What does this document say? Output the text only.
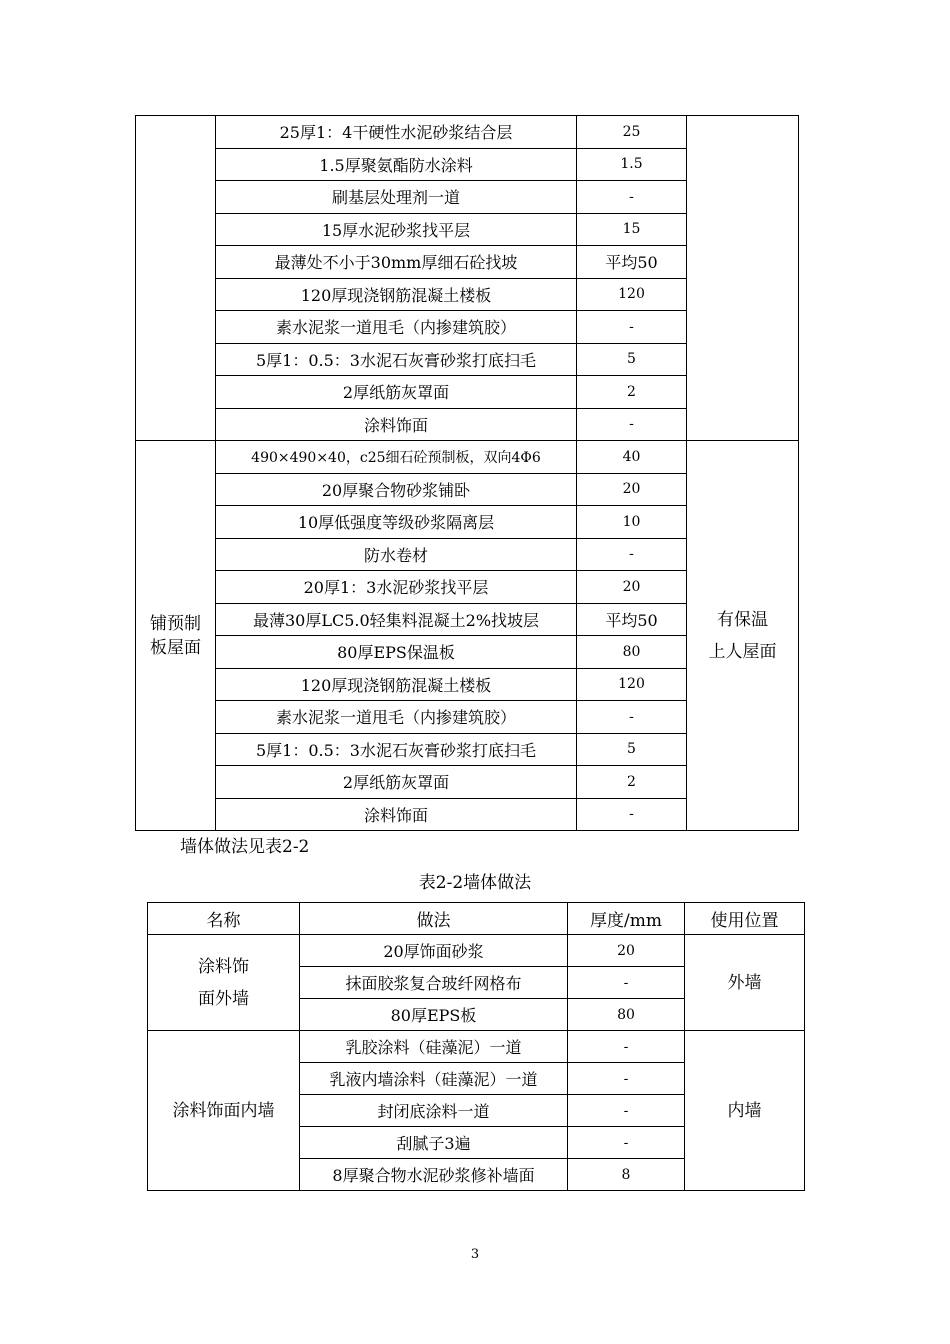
	25厚1：4干硬性水泥砂浆结合层	25	
	1.5厚聚氨酯防水涂料	1.5	
	刷基层处理剂一道	-	
	15厚水泥砂浆找平层	15	
	最薄处不小于30mm厚细石砼找坡	平均50	
	120厚现浇钢筋混凝土楼板	120	
	素水泥浆一道甩毛（内掺建筑胶）	-	
	5厚1：0.5：3水泥石灰膏砂浆打底扫毛	5	
	2厚纸筋灰罩面	2	
	涂料饰面	-	
铺预制
板屋面	490×490×40，c25细石砼预制板，双向4Φ6	40	有保温
上人屋面
	20厚聚合物砂浆铺卧	20	
	10厚低强度等级砂浆隔离层	10	
	防水卷材	-	
	20厚1：3水泥砂浆找平层	20	
	最薄30厚LC5.0轻集料混凝土2%找坡层	平均50	
	80厚EPS保温板	80	
	120厚现浇钢筋混凝土楼板	120	
	素水泥浆一道甩毛（内掺建筑胶）	-	
	5厚1：0.5：3水泥石灰膏砂浆打底扫毛	5	
	2厚纸筋灰罩面	2	
	涂料饰面	-	
墙体做法见表2-2
表2-2墙体做法
名称	做法	厚度/mm	使用位置
涂料饰
面外墙	20厚饰面砂浆	20	外墙
	抹面胶浆复合玻纤网格布	-	
	80厚EPS板	80	
涂料饰面内墙	乳胶涂料（硅藻泥）一道	-	内墙
	乳液内墙涂料（硅藻泥）一道	-	
	封闭底涂料一道	-	
	刮腻子3遍	-	
	8厚聚合物水泥砂浆修补墙面	8	
3
